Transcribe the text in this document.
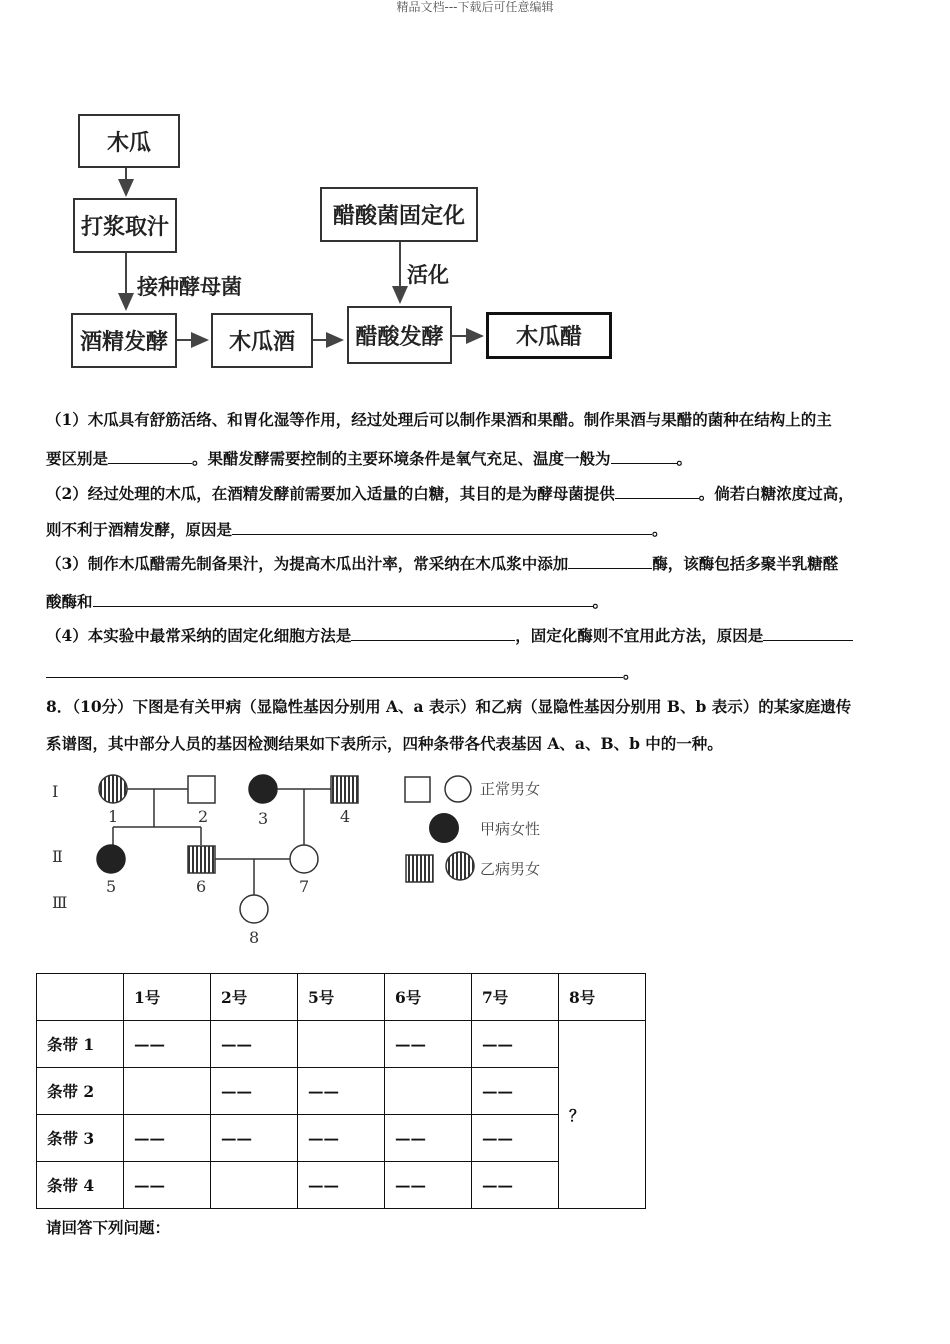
精品文档---下载后可任意编辑
木瓜
打浆取汁
接种酵母菌
酒精发酵	木瓜酒
醋酸菌固定化
活化
醋酸发酵	木瓜醋
（1）木瓜具有舒筋活络、和胃化湿等作用，经过处理后可以制作果酒和果醋。制作果酒与果醋的菌种在结构上的主
要区别是	。果醋发酵需要控制的主要环境条件是氧气充足、温度一般为	。
（2）经过处理的木瓜，在酒精发酵前需要加入适量的白糖，其目的是为酵母菌提供	。倘若白糖浓度过高，
则不利于酒精发酵，原因是	。
（3）制作木瓜醋需先制备果汁，为提高木瓜出汁率，常采纳在木瓜浆中添加	酶，该酶包括多聚半乳糖醛
酸酶和	。
（4）本实验中最常采纳的固定化细胞方法是	，固定化酶则不宜用此方法，原因是
。
8．（10分）下图是有关甲病（显隐性基因分别用 A、a 表示）和乙病（显隐性基因分别用 B、b 表示）的某家庭遗传
系谱图，其中部分人员的基因检测结果如下表所示，四种条带各代表基因 A、a、B、b 中的一种。
Ⅰ
Ⅱ
Ⅲ
1	2	3	4
5	6	7
8
正常男女
甲病女性
乙病男女
	1号	2号	5号	6号	7号	8号
条带 1	——	——		——	——	？
条带 2		——	——		——	
条带 3	——	——	——	——	——	
条带 4	——		——	——	——	
请回答下列问题：
